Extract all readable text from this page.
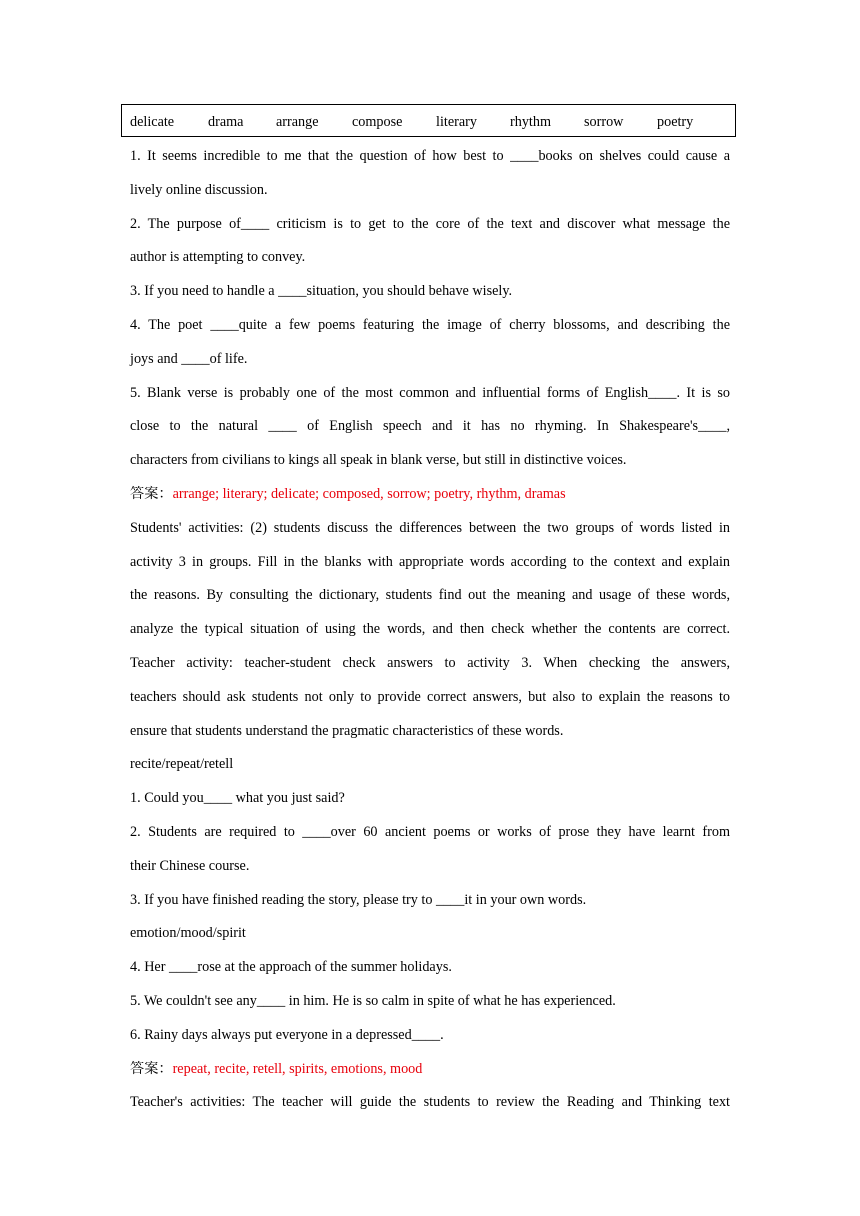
delicate drama arrange compose literary rhythm sorrow poetry
1. It seems incredible to me that the question of how best to ____books on shelves could cause a
lively online discussion.
2. The purpose of____ criticism is to get to the core of the text and discover what message the
author is attempting to convey.
3. If you need to handle a ____situation, you should behave wisely.
4. The poet ____quite a few poems featuring the image of cherry blossoms, and describing the
joys and ____of life.
5. Blank verse is probably one of the most common and influential forms of English____. It is so
close to the natural ____ of English speech and it has no rhyming. In Shakespeare's____,
characters from civilians to kings all speak in blank verse, but still in distinctive voices.
答案：arrange; literary; delicate; composed, sorrow; poetry, rhythm, dramas
Students' activities: (2) students discuss the differences between the two groups of words listed in
activity 3 in groups. Fill in the blanks with appropriate words according to the context and explain
the reasons. By consulting the dictionary, students find out the meaning and usage of these words,
analyze the typical situation of using the words, and then check whether the contents are correct.
Teacher activity: teacher-student check answers to activity 3. When checking the answers,
teachers should ask students not only to provide correct answers, but also to explain the reasons to
ensure that students understand the pragmatic characteristics of these words.
recite/repeat/retell
1. Could you____ what you just said?
2. Students are required to ____over 60 ancient poems or works of prose they have learnt from
their Chinese course.
3. If you have finished reading the story, please try to ____it in your own words.
emotion/mood/spirit
4. Her ____rose at the approach of the summer holidays.
5. We couldn't see any____ in him. He is so calm in spite of what he has experienced.
6. Rainy days always put everyone in a depressed____.
答案：repeat, recite, retell, spirits, emotions, mood
Teacher's activities: The teacher will guide the students to review the Reading and Thinking text
